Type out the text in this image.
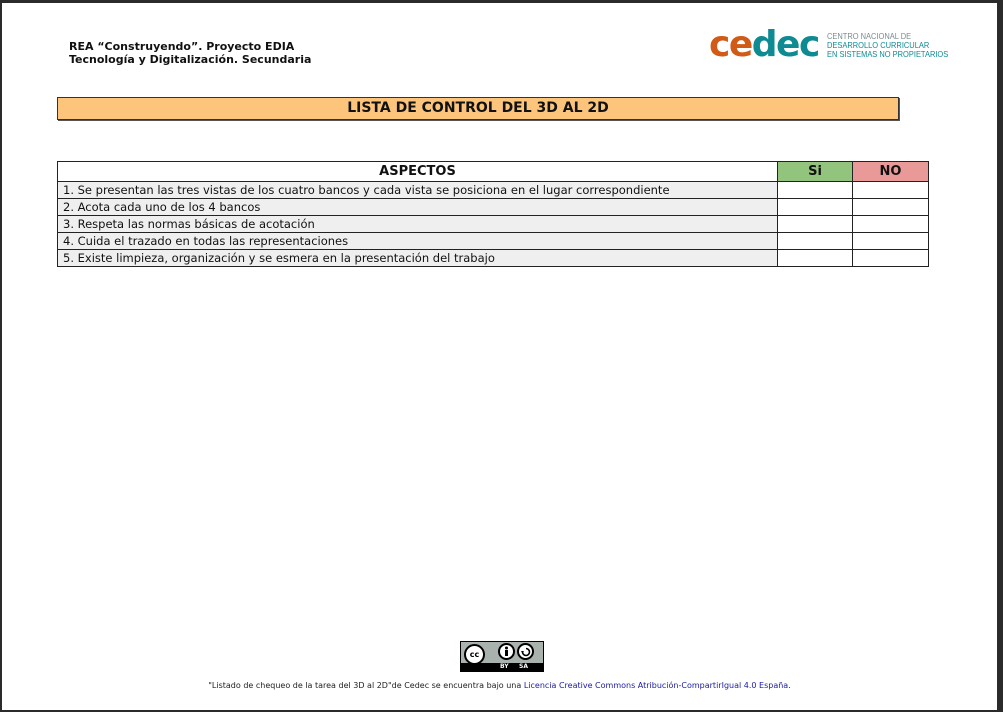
REA “Construyendo”. Proyecto EDIA
Tecnología y Digitalización. Secundaria	cedec CENTRO NACIONAL DE
DESARROLLO CURRICULAR
EN SISTEMAS NO PROPIETARIOS
LISTA DE CONTROL DEL 3D AL 2D
ASPECTOS	Si	NO
1. Se presentan las tres vistas de los cuatro bancos y cada vista se posiciona en el lugar correspondiente		
2. Acota cada uno de los 4 bancos		
3. Respeta las normas básicas de acotación		
4. Cuida el trazado en todas las representaciones		
5. Existe limpieza, organización y se esmera en la presentación del trabajo		
cc
BY SA
"Listado de chequeo de la tarea del 3D al 2D"de Cedec se encuentra bajo una Licencia Creative Commons Atribución-CompartirIgual 4.0 España.
